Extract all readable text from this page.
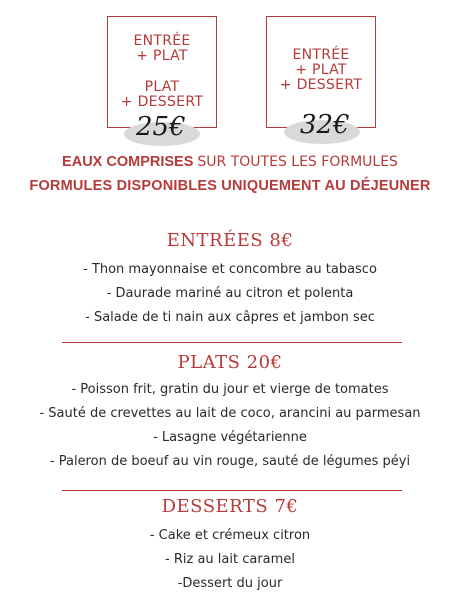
ENTRÉE
+ PLAT
PLAT
+ DESSERT
25€
ENTRÉE
+ PLAT
+ DESSERT
32€
EAUX COMPRISES SUR TOUTES LES FORMULES
FORMULES DISPONIBLES UNIQUEMENT AU DÉJEUNER
ENTRÉES 8€
- Thon mayonnaise et concombre au tabasco
- Daurade mariné au citron et polenta
- Salade de ti nain aux câpres et jambon sec
PLATS 20€
- Poisson frit, gratin du jour et vierge de tomates
- Sauté de crevettes au lait de coco, arancini au parmesan
- Lasagne végétarienne
- Paleron de boeuf au vin rouge, sauté de légumes péyi
DESSERTS 7€
- Cake et crémeux citron
- Riz au lait caramel
-Dessert du jour
